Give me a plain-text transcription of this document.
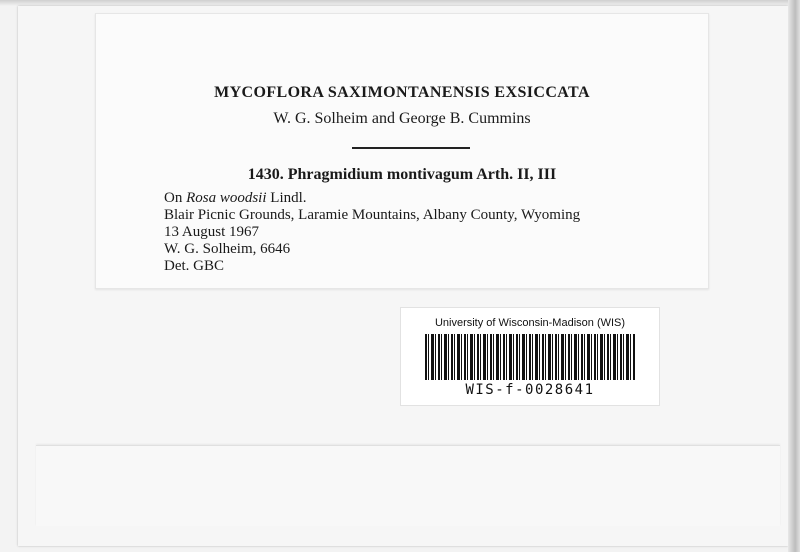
MYCOFLORA SAXIMONTANENSIS EXSICCATA
W. G. Solheim and George B. Cummins
1430. Phragmidium montivagum Arth. II, III
On Rosa woodsii Lindl.
Blair Picnic Grounds, Laramie Mountains, Albany County, Wyoming
13 August 1967
W. G. Solheim, 6646
Det. GBC
University of Wisconsin-Madison (WIS)
WIS-f-0028641
